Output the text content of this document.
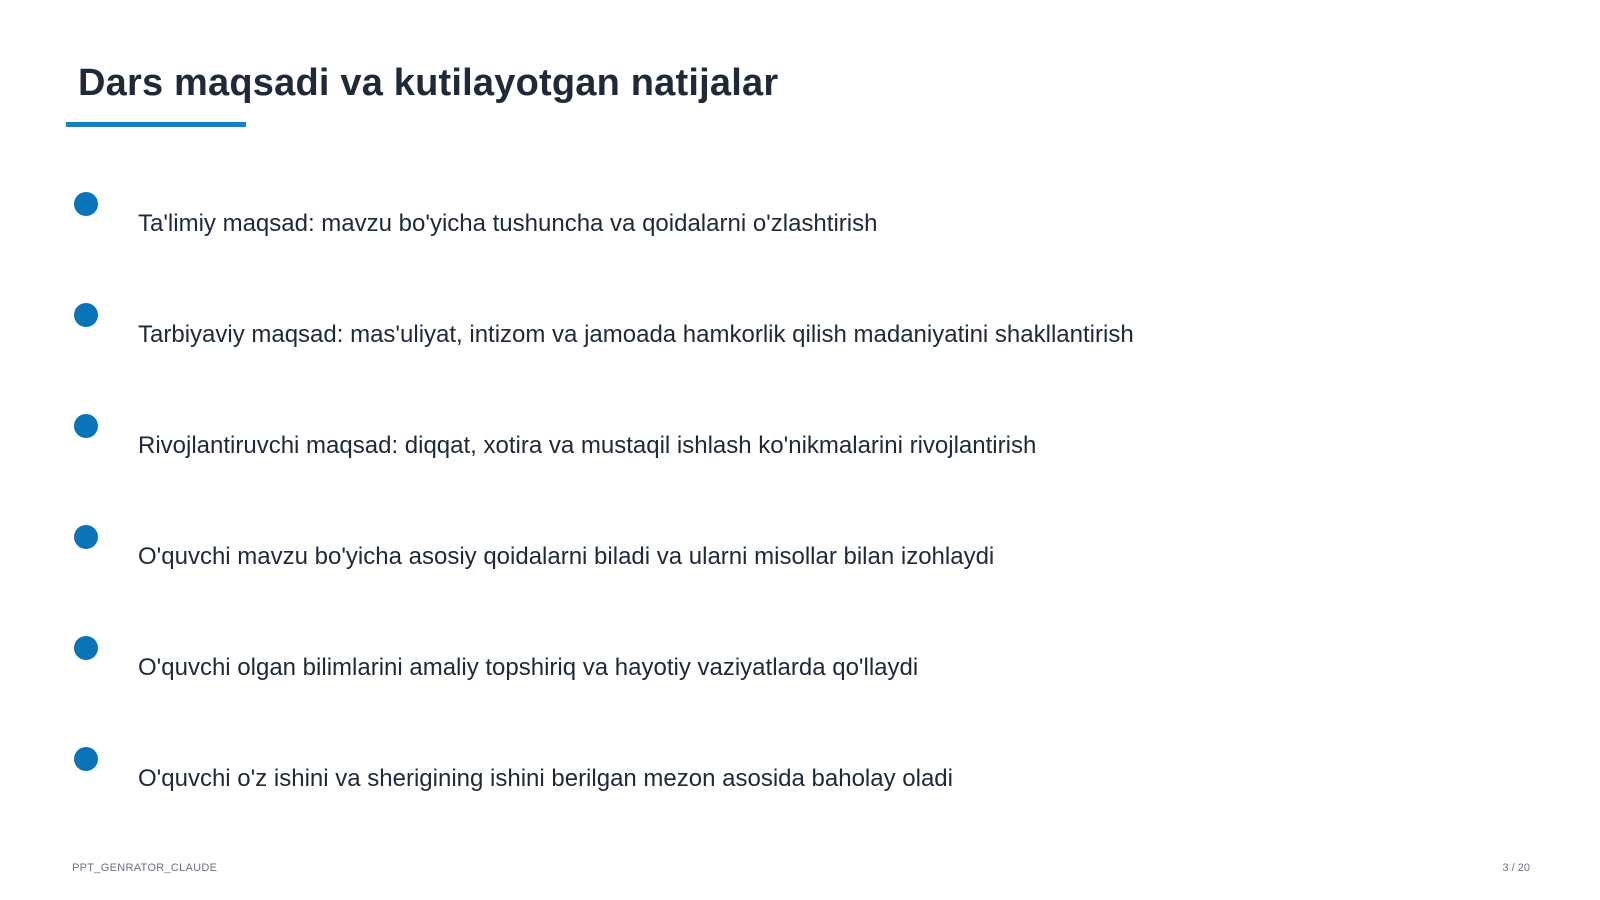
Dars maqsadi va kutilayotgan natijalar
Ta'limiy maqsad: mavzu bo'yicha tushuncha va qoidalarni o'zlashtirish
Tarbiyaviy maqsad: mas'uliyat, intizom va jamoada hamkorlik qilish madaniyatini shakllantirish
Rivojlantiruvchi maqsad: diqqat, xotira va mustaqil ishlash ko'nikmalarini rivojlantirish
O'quvchi mavzu bo'yicha asosiy qoidalarni biladi va ularni misollar bilan izohlaydi
O'quvchi olgan bilimlarini amaliy topshiriq va hayotiy vaziyatlarda qo'llaydi
O'quvchi o'z ishini va sherigining ishini berilgan mezon asosida baholay oladi
PPT_GENRATOR_CLAUDE	3 / 20
